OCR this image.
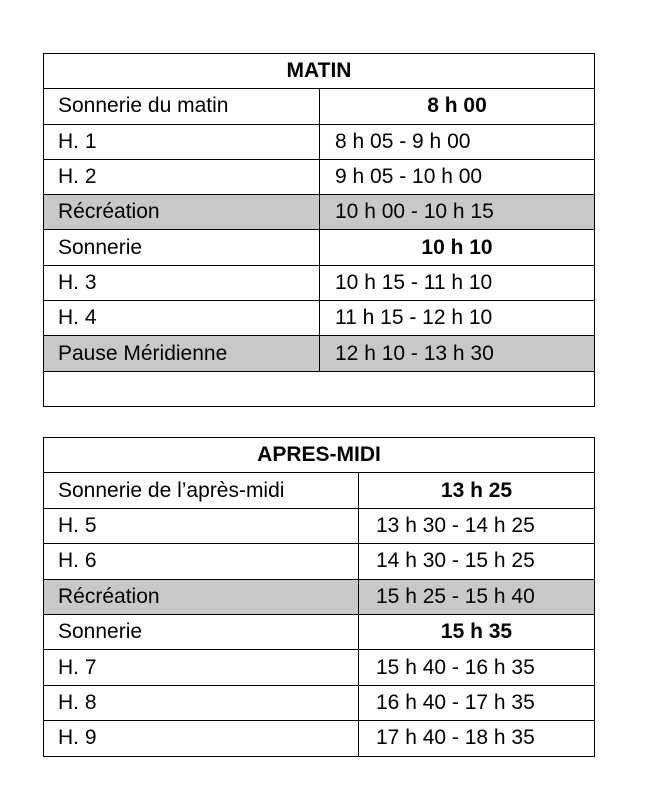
MATIN	
Sonnerie du matin	8 h 00
H. 1	8 h 05 - 9 h 00
H. 2	9 h 05 - 10 h 00
Récréation	10 h 00 - 10 h 15
Sonnerie	10 h 10
H. 3	10 h 15 - 11 h 10
H. 4	11 h 15 - 12 h 10
Pause Méridienne	12 h 10 - 13 h 30

APRES-MIDI	
Sonnerie de l’après-midi	13 h 25
H. 5	13 h 30 - 14 h 25
H. 6	14 h 30 - 15 h 25
Récréation	15 h 25 - 15 h 40
Sonnerie	15 h 35
H. 7	15 h 40 - 16 h 35
H. 8	16 h 40 - 17 h 35
H. 9	17 h 40 - 18 h 35
